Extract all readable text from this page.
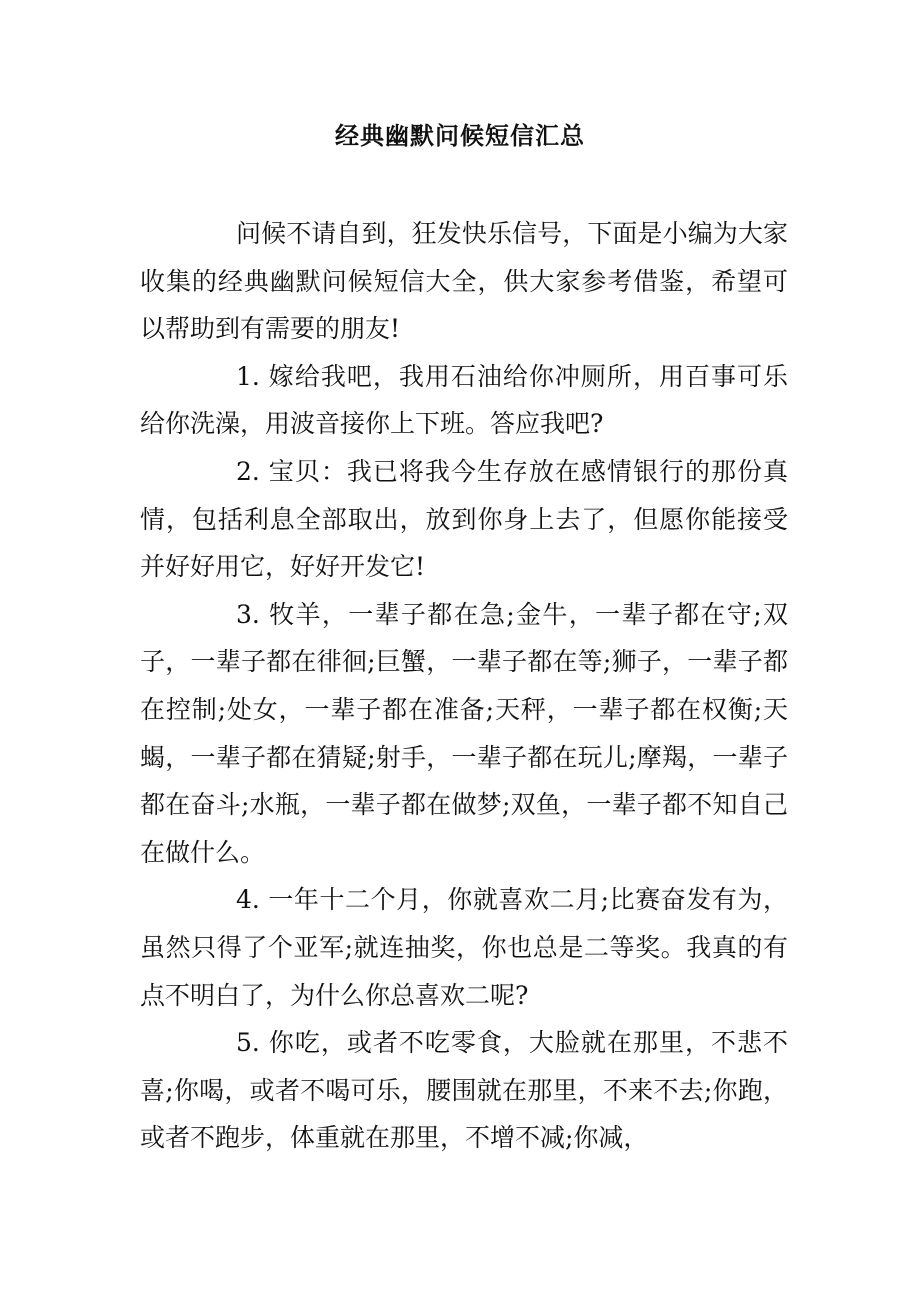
经典幽默问候短信汇总

问候不请自到，狂发快乐信号，下面是小编为大家收集的经典幽默问候短信大全，供大家参考借鉴，希望可以帮助到有需要的朋友!

1. 嫁给我吧，我用石油给你冲厕所，用百事可乐给你洗澡，用波音接你上下班。答应我吧?

2. 宝贝：我已将我今生存放在感情银行的那份真情，包括利息全部取出，放到你身上去了，但愿你能接受并好好用它，好好开发它!

3. 牧羊，一辈子都在急;金牛，一辈子都在守;双子，一辈子都在徘徊;巨蟹，一辈子都在等;狮子，一辈子都在控制;处女，一辈子都在准备;天秤，一辈子都在权衡;天蝎，一辈子都在猜疑;射手，一辈子都在玩儿;摩羯，一辈子都在奋斗;水瓶，一辈子都在做梦;双鱼，一辈子都不知自己在做什么。

4. 一年十二个月，你就喜欢二月;比赛奋发有为，虽然只得了个亚军;就连抽奖，你也总是二等奖。我真的有点不明白了，为什么你总喜欢二呢?

5. 你吃，或者不吃零食，大脸就在那里，不悲不喜;你喝，或者不喝可乐，腰围就在那里，不来不去;你跑，或者不跑步，体重就在那里，不增不减;你减，
